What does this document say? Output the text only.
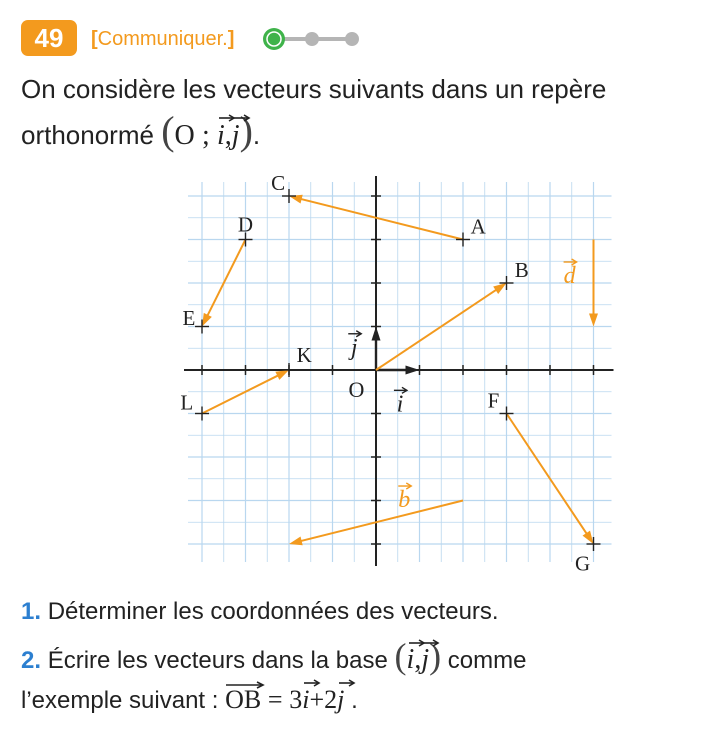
49	[Communiquer.]
On considère les vecteurs suivants dans un repère
orthonormé (O ; i,
j).
i
j
O
d
b
A
B
C
D
E
F
G
K
L
1. Déterminer les coordonnées des vecteurs.
2. Écrire les vecteurs dans la base (
i,
j) comme
l’exemple suivant : OB = 3
i+2
j .
